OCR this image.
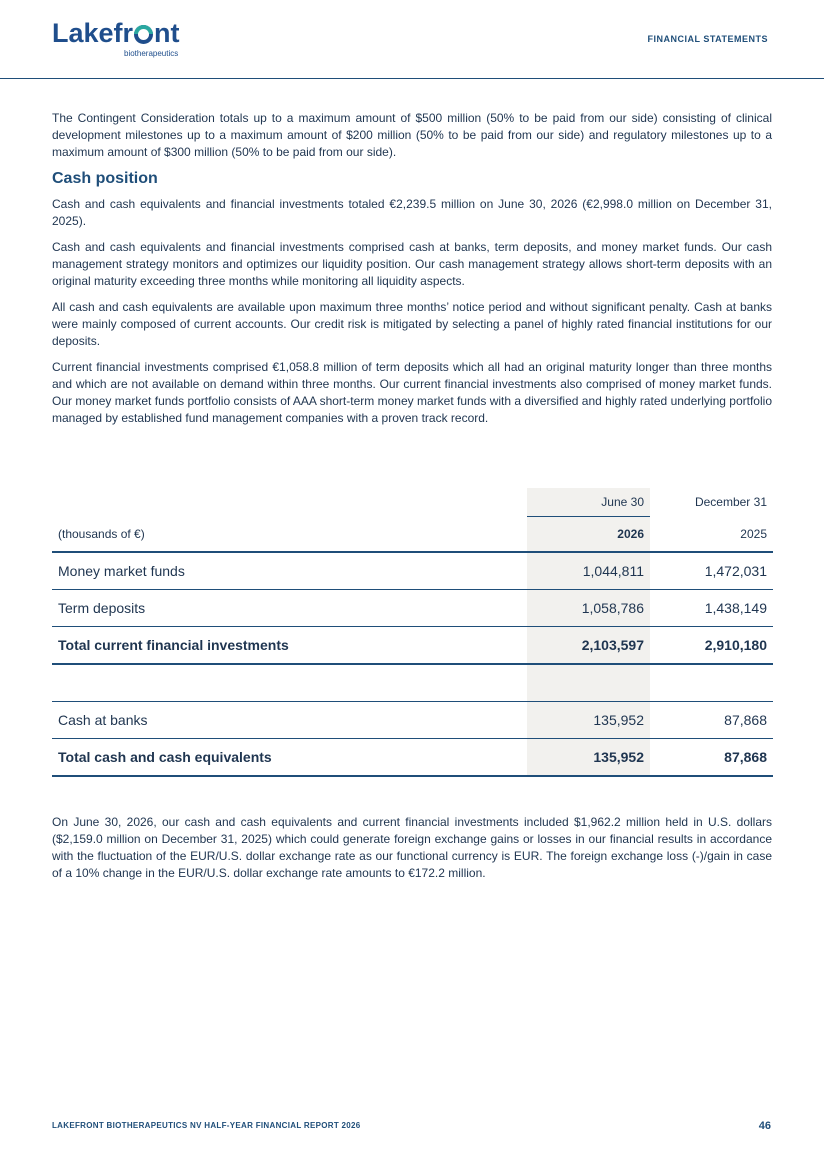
Lakefr nt
biotherapeutics
FINANCIAL STATEMENTS

The Contingent Consideration totals up to a maximum amount of $500 million (50% to be paid from our side) consisting of clinical development milestones up to a maximum amount of $200 million (50% to be paid from our side) and regulatory milestones up to a maximum amount of $300 million (50% to be paid from our side).

Cash position

Cash and cash equivalents and financial investments totaled €2,239.5 million on June 30, 2026 (€2,998.0 million on December 31, 2025).

Cash and cash equivalents and financial investments comprised cash at banks, term deposits, and money market funds. Our cash management strategy monitors and optimizes our liquidity position. Our cash management strategy allows short-term deposits with an original maturity exceeding three months while monitoring all liquidity aspects.

All cash and cash equivalents are available upon maximum three months’ notice period and without significant penalty. Cash at banks were mainly composed of current accounts. Our credit risk is mitigated by selecting a panel of highly rated financial institutions for our deposits.

Current financial investments comprised €1,058.8 million of term deposits which all had an original maturity longer than three months and which are not available on demand within three months. Our current financial investments also comprised of money market funds. Our money market funds portfolio consists of AAA short-term money market funds with a diversified and highly rated underlying portfolio managed by established fund management companies with a proven track record.

	June 30	December 31
(thousands of €)	2026	2025
Money market funds	1,044,811	1,472,031
Term deposits	1,058,786	1,438,149
Total current financial investments	2,103,597	2,910,180

Cash at banks	135,952	87,868
Total cash and cash equivalents	135,952	87,868

On June 30, 2026, our cash and cash equivalents and current financial investments included $1,962.2 million held in U.S. dollars ($2,159.0 million on December 31, 2025) which could generate foreign exchange gains or losses in our financial results in accordance with the fluctuation of the EUR/U.S. dollar exchange rate as our functional currency is EUR. The foreign exchange loss (-)/gain in case of a 10% change in the EUR/U.S. dollar exchange rate amounts to €172.2 million.

LAKEFRONT BIOTHERAPEUTICS NV HALF-YEAR FINANCIAL REPORT 2026	46
